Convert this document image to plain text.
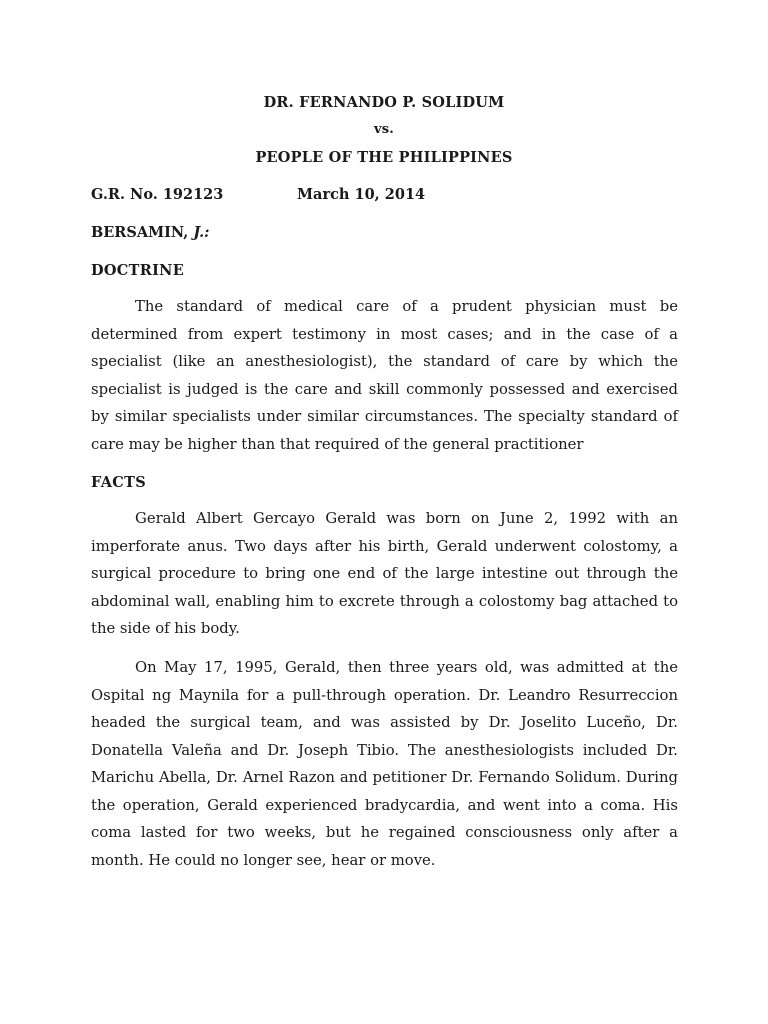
DR. FERNANDO P. SOLIDUM
vs.
PEOPLE OF THE PHILIPPINES
G.R. No. 192123	March 10, 2014
BERSAMIN, J.:
DOCTRINE

The standard of medical care of a prudent physician must be determined from expert testimony in most cases; and in the case of a specialist (like an anesthesiologist), the standard of care by which the specialist is judged is the care and skill commonly possessed and exercised by similar specialists under similar circumstances. The specialty standard of care may be higher than that required of the general practitioner

FACTS

Gerald Albert Gercayo Gerald was born on June 2, 1992 with an imperforate anus. Two days after his birth, Gerald underwent colostomy, a surgical procedure to bring one end of the large intestine out through the abdominal wall, enabling him to excrete through a colostomy bag attached to the side of his body.

On May 17, 1995, Gerald, then three years old, was admitted at the Ospital ng Maynila for a pull-through operation. Dr. Leandro Resurreccion headed the surgical team, and was assisted by Dr. Joselito Luceño, Dr. Donatella Valeña and Dr. Joseph Tibio. The anesthesiologists included Dr. Marichu Abella, Dr. Arnel Razon and petitioner Dr. Fernando Solidum. During the operation, Gerald experienced bradycardia, and went into a coma. His coma lasted for two weeks, but he regained consciousness only after a month. He could no longer see, hear or move.
